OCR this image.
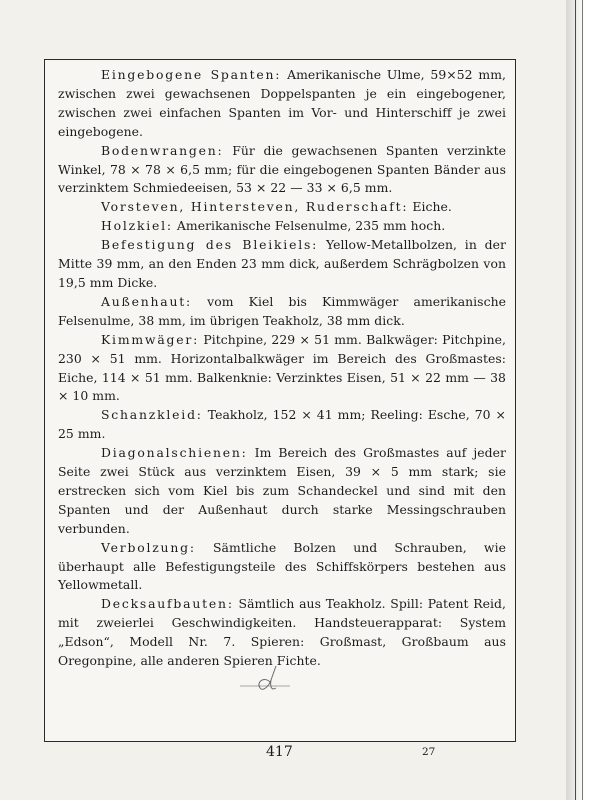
Eingebogene Spanten: Amerikanische Ulme, 59×52 mm, zwischen zwei gewachsenen Doppelspanten je ein eingebogener, zwischen zwei einfachen Spanten im Vor- und Hinterschiff je zwei eingebogene.

Bodenwrangen: Für die gewachsenen Spanten verzinkte Winkel, 78 × 78 × 6,5 mm; für die eingebogenen Spanten Bänder aus verzinktem Schmiedeeisen, 53 × 22 — 33 × 6,5 mm.

Vorsteven, Hintersteven, Ruderschaft: Eiche.

Holzkiel: Amerikanische Felsenulme, 235 mm hoch.

Befestigung des Bleikiels: Yellow-Metallbolzen, in der Mitte 39 mm, an den Enden 23 mm dick, außerdem Schrägbolzen von 19,5 mm Dicke.

Außenhaut: vom Kiel bis Kimmwäger amerikanische Felsenulme, 38 mm, im übrigen Teakholz, 38 mm dick.

Kimmwäger: Pitchpine, 229 × 51 mm. Balkwäger: Pitchpine, 230 × 51 mm. Horizontalbalkwäger im Bereich des Großmastes: Eiche, 114 × 51 mm. Balkenknie: Verzinktes Eisen, 51 × 22 mm — 38 × 10 mm.

Schanzkleid: Teakholz, 152 × 41 mm; Reeling: Esche, 70 × 25 mm.

Diagonalschienen: Im Bereich des Großmastes auf jeder Seite zwei Stück aus verzinktem Eisen, 39 × 5 mm stark; sie erstrecken sich vom Kiel bis zum Schandeckel und sind mit den Spanten und der Außenhaut durch starke Messingschrauben verbunden.

Verbolzung: Sämtliche Bolzen und Schrauben, wie überhaupt alle Befestigungsteile des Schiffskörpers bestehen aus Yellowmetall.

Decksaufbauten: Sämtlich aus Teakholz. Spill: Patent Reid, mit zweierlei Geschwindigkeiten. Handsteuerapparat: System „Edson“, Modell Nr. 7. Spieren: Großmast, Großbaum aus Oregonpine, alle anderen Spieren Fichte.

417	27
